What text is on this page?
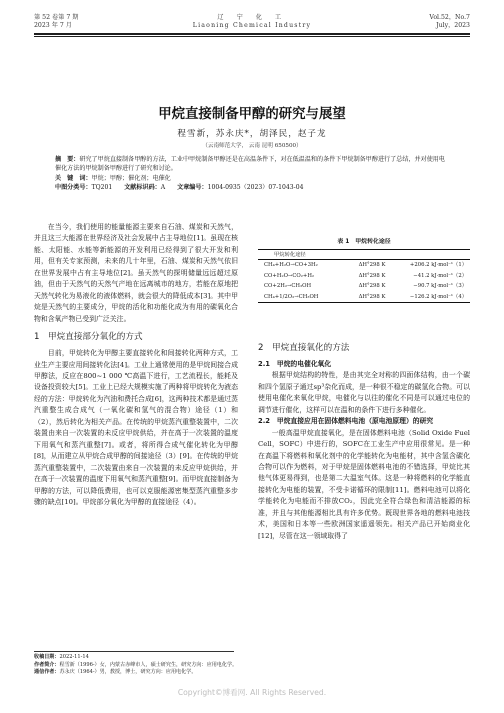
第 52 卷第 7 期
2023 年 7 月
辽 宁 化 工
Liaoning Chemical Industry
Vol.52，No.7
July，2023
甲烷直接制备甲醇的研究与展望
程雪新，苏永庆*，胡泽民，赵子龙
（云南师范大学， 云南 昆明 650500）
摘　要：研究了甲烷直接制备甲醇的方法，工业中甲烷制备甲醇还是在高温条件下，对在低温温和的条件下甲烷制备甲醇进行了总结，并对使用电催化方法的甲烷制备甲醇进行了研究和讨论。
关　键　词：甲烷；甲醇；催化剂；电催化
中图分类号：TQ201 文献标识码：A 文章编号：1004-0935（2023）07-1043-04

在当今，我们使用的能量能源主要来自石油、煤炭和天然气，并且这三大能源在世界经济及社会发展中占主导地位[1]。虽现在核能、太阳能、水能等新能源的开发利用已经得到了很大开发和利用，但有关专家预测，未来的几十年里，石油、煤炭和天然气依旧在世界发展中占有主导地位[2]。虽天然气的探明储量远远超过原油，但由于天然气的天然气产地在远离城市的地方，若能在原地把天然气转化为易液化的液体燃料，就会很大的降低成本[3]。其中甲烷是天然气的主要成分，甲烷的活化和功能化成为有用的碳氧化合物和含氧产物已受到广泛关注。

1　甲烷直接部分氧化的方式

目前，甲烷转化为甲醇主要直接转化和间接转化两种方式，工业生产主要应用间接转化法[4]。工业上通常使用的是甲烷间接合成甲醇法，反应在800~1 000 ℃高温下进行，工艺流程长，能耗及设备投资较大[5]。工业上已经大规模实施了两种将甲烷转化为液态经的方法：甲烷转化为汽油和费托合成[6]，这两种技术都是通过蒸汽重整生成合成气（一氧化碳和氢气的混合物）途径（1）和（2），然后转化为相关产品。在传统的甲烷蒸汽重整装置中，二次装置由来自一次装置的未反应甲烷供给，并在高于一次装置的温度下用氧气和蒸汽重整[7]。或者，将所得合成气催化转化为甲醇[8]，从而建立从甲烷合成甲醇的间接途径（3）[9]。在传统的甲烷蒸汽重整装置中，二次装置由来自一次装置的未反应甲烷供给，并在高于一次装置的温度下用氧气和蒸汽重整[9]。而甲烷直接制备为甲醇的方法，可以降低费用，也可以克服能源密集型蒸汽重整多步骤的缺点[10]。甲烷部分氧化为甲醇的直接途径（4）。

表 1　甲烷转化途径
甲烷转化途径
CH₄+H₂O→CO+3H₂	ΔH°298 K	+206.2 kJ·mol⁻¹（1）
CO+H₂O→CO₂+H₂	ΔH°298 K	−41.2 kJ·mol⁻¹（2）
CO+2H₂→CH₃OH	ΔH°298 K	−90.7 kJ·mol⁻¹（3）
CH₄+1/2O₂→CH₃OH	ΔH°298 K	−126.2 kJ·mol⁻¹（4）
2　甲烷直接氧化的方法
2.1　甲烷的电催化氧化

根据甲烷结构的特性，是由其完全对称的四面体结构，由一个碳和四个氢原子通过sp³杂化而成，是一种很不稳定的碳氢化合物。可以使用电催化来氧化甲烷，电催化与以往的催化不同是可以通过电位的调节进行催化，这样可以在温和的条件下进行多种催化。

2.2　甲烷直接应用在固体燃料电池（原电池原理）的研究

一般高温甲烷直接氧化，是在固体燃料电池（Solid Oxide Fuel Cell，SOFC）中进行的，SOFC在工业生产中应用很常见。是一种在高温下将燃料和氧化剂中的化学能转化为电能材，其中含氢含碳化合物可以作为燃料，对于甲烷是固体燃料电池的不错选择，甲烷比其他气体更易得到，也是第二大温室气体。这是一种将燃料的化学能直接转化为电能的装置，不受卡诺循环的限制[11]。燃料电池可以将化学能转化为电能而不排放CO₂，因此完全符合绿色和清洁能源的标准，并且与其他能源相比具有许多优势。既现世界各地的燃料电池技术，美国和日本等一些欧洲国家遥遥领先。相关产品已开始商业化[12]，尽管在这一领域取得了

收稿日期：2022-11-14
作者简介：程雪新（1996-）女，内蒙古赤峰市人，硕士研究生，研究方向：应用电化学。
通信作者：苏永庆（1964-）男，教授，博士，研究方向：应用电化学。
Copyright©博看网. All Rights Reserved.
